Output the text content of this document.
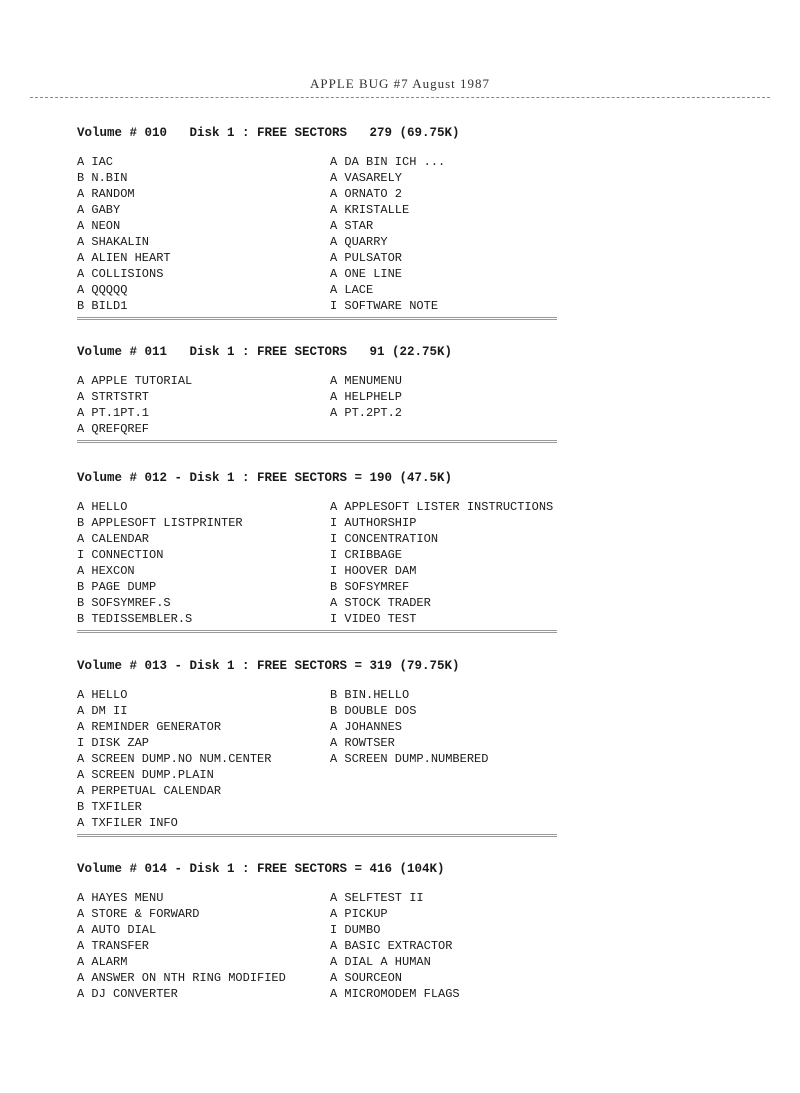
APPLE BUG #7 August 1987
Volume # 010   Disk 1 : FREE SECTORS   279 (69.75K)
A IAC	A DA BIN ICH ...
B N.BIN	A VASARELY
A RANDOM	A ORNATO 2
A GABY	A KRISTALLE
A NEON	A STAR
A SHAKALIN	A QUARRY
A ALIEN HEART	A PULSATOR
A COLLISIONS	A ONE LINE
A QQQQQ	A LACE
B BILD1	I SOFTWARE NOTE
Volume # 011   Disk 1 : FREE SECTORS   91 (22.75K)
A APPLE TUTORIAL	A MENUMENU
A STRTSTRT	A HELPHELP
A PT.1PT.1	A PT.2PT.2
A QREFQREF
Volume # 012 - Disk 1 : FREE SECTORS = 190 (47.5K)
A HELLO	A APPLESOFT LISTER INSTRUCTIONS
B APPLESOFT LISTPRINTER	I AUTHORSHIP
A CALENDAR	I CONCENTRATION
I CONNECTION	I CRIBBAGE
A HEXCON	I HOOVER DAM
B PAGE DUMP	B SOFSYMREF
B SOFSYMREF.S	A STOCK TRADER
B TEDISSEMBLER.S	I VIDEO TEST
Volume # 013 - Disk 1 : FREE SECTORS = 319 (79.75K)
A HELLO	B BIN.HELLO
A DM II	B DOUBLE DOS
A REMINDER GENERATOR	A JOHANNES
I DISK ZAP	A ROWTSER
A SCREEN DUMP.NO NUM.CENTER	A SCREEN DUMP.NUMBERED
A SCREEN DUMP.PLAIN
A PERPETUAL CALENDAR
B TXFILER
A TXFILER INFO
Volume # 014 - Disk 1 : FREE SECTORS = 416 (104K)
A HAYES MENU	A SELFTEST II
A STORE & FORWARD	A PICKUP
A AUTO DIAL	I DUMBO
A TRANSFER	A BASIC EXTRACTOR
A ALARM	A DIAL A HUMAN
A ANSWER ON NTH RING MODIFIED	A SOURCEON
A DJ CONVERTER	A MICROMODEM FLAGS
